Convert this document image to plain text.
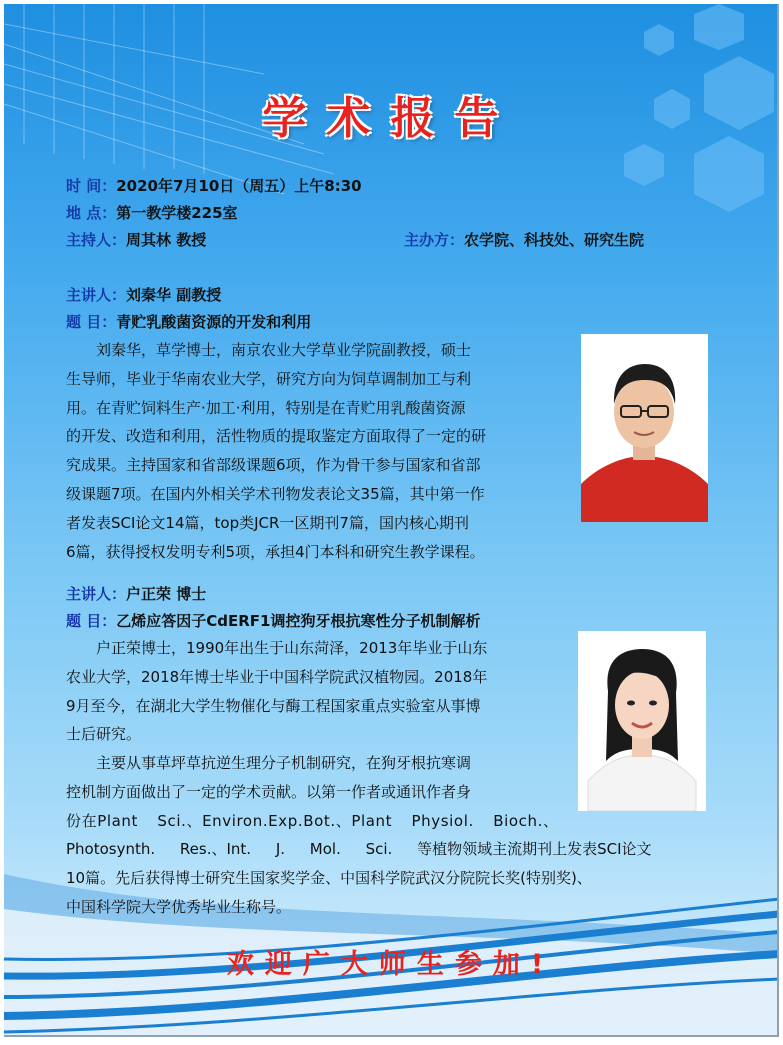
学术报告
时 间：2020年7月10日（周五）上午8:30
地 点：第一教学楼225室
主持人：周其林 教授	主办方：农学院、科技处、研究生院
主讲人：刘秦华 副教授
题 目：青贮乳酸菌资源的开发和利用
刘秦华，草学博士，南京农业大学草业学院副教授，硕士
生导师，毕业于华南农业大学，研究方向为饲草调制加工与利
用。在青贮饲料生产·加工·利用，特别是在青贮用乳酸菌资源
的开发、改造和利用，活性物质的提取鉴定方面取得了一定的研
究成果。主持国家和省部级课题6项，作为骨干参与国家和省部
级课题7项。在国内外相关学术刊物发表论文35篇，其中第一作
者发表SCI论文14篇，top类JCR一区期刊7篇，国内核心期刊
6篇，获得授权发明专利5项，承担4门本科和研究生教学课程。
主讲人：户正荣 博士
题 目：乙烯应答因子CdERF1调控狗牙根抗寒性分子机制解析
户正荣博士，1990年出生于山东菏泽，2013年毕业于山东
农业大学，2018年博士毕业于中国科学院武汉植物园。2018年
9月至今，在湖北大学生物催化与酶工程国家重点实验室从事博
士后研究。
主要从事草坪草抗逆生理分子机制研究，在狗牙根抗寒调
控机制方面做出了一定的学术贡献。以第一作者或通讯作者身
份在Plant Sci.、Environ.Exp.Bot.、Plant Physiol. Bioch.、
Photosynth. Res.、Int. J. Mol. Sci. 等植物领域主流期刊上发表SCI论文
10篇。先后获得博士研究生国家奖学金、中国科学院武汉分院院长奖(特别奖)、
中国科学院大学优秀毕业生称号。
欢迎广大师生参加!
